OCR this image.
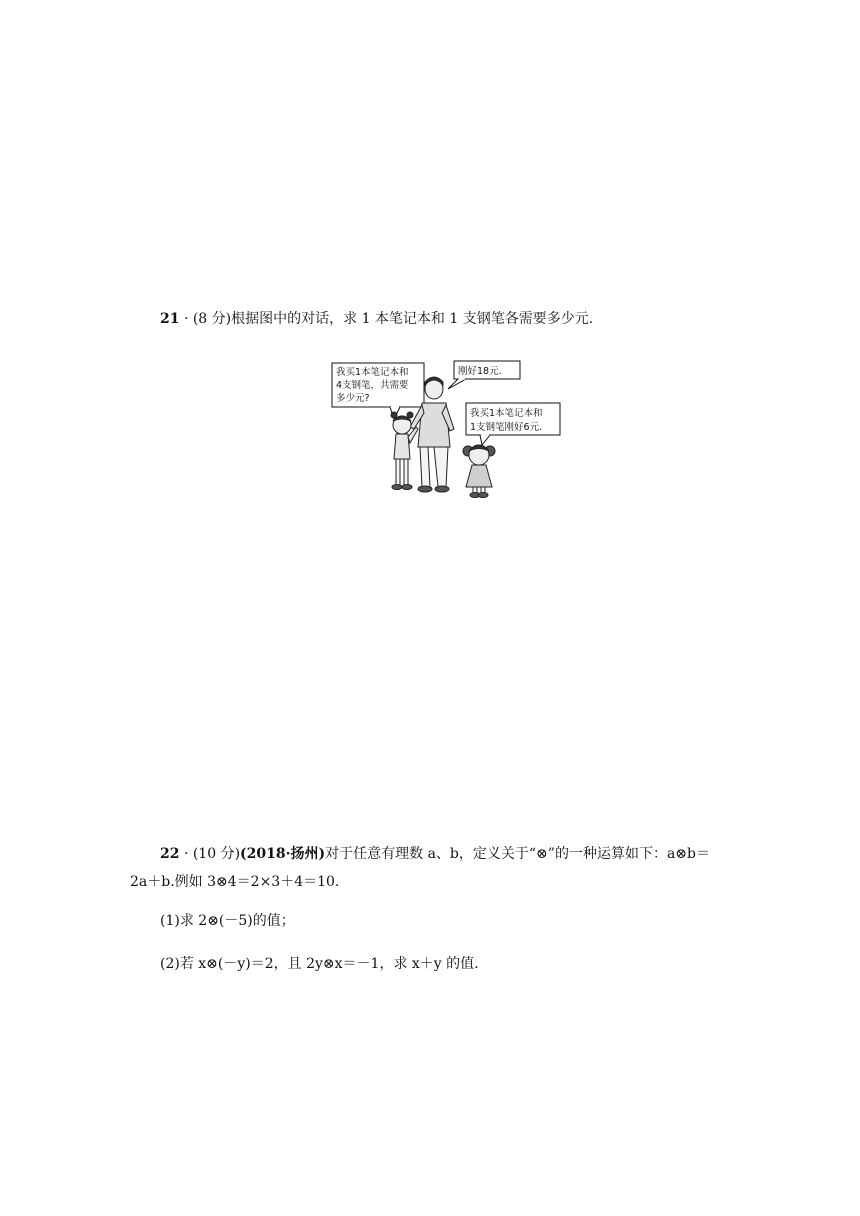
21 · (8 分)根据图中的对话，求 1 本笔记本和 1 支钢笔各需要多少元.
我买1本笔记本和
4支钢笔，共需要
多少元?
刚好18元.
我买1本笔记本和
1支钢笔刚好6元.
22 · (10 分)(2018·扬州)对于任意有理数 a、b，定义关于“⊗”的一种运算如下：a⊗b＝
2a＋b.例如 3⊗4＝2×3＋4＝10.
(1)求 2⊗(－5)的值；
(2)若 x⊗(－y)＝2，且 2y⊗x＝－1，求 x＋y 的值.
